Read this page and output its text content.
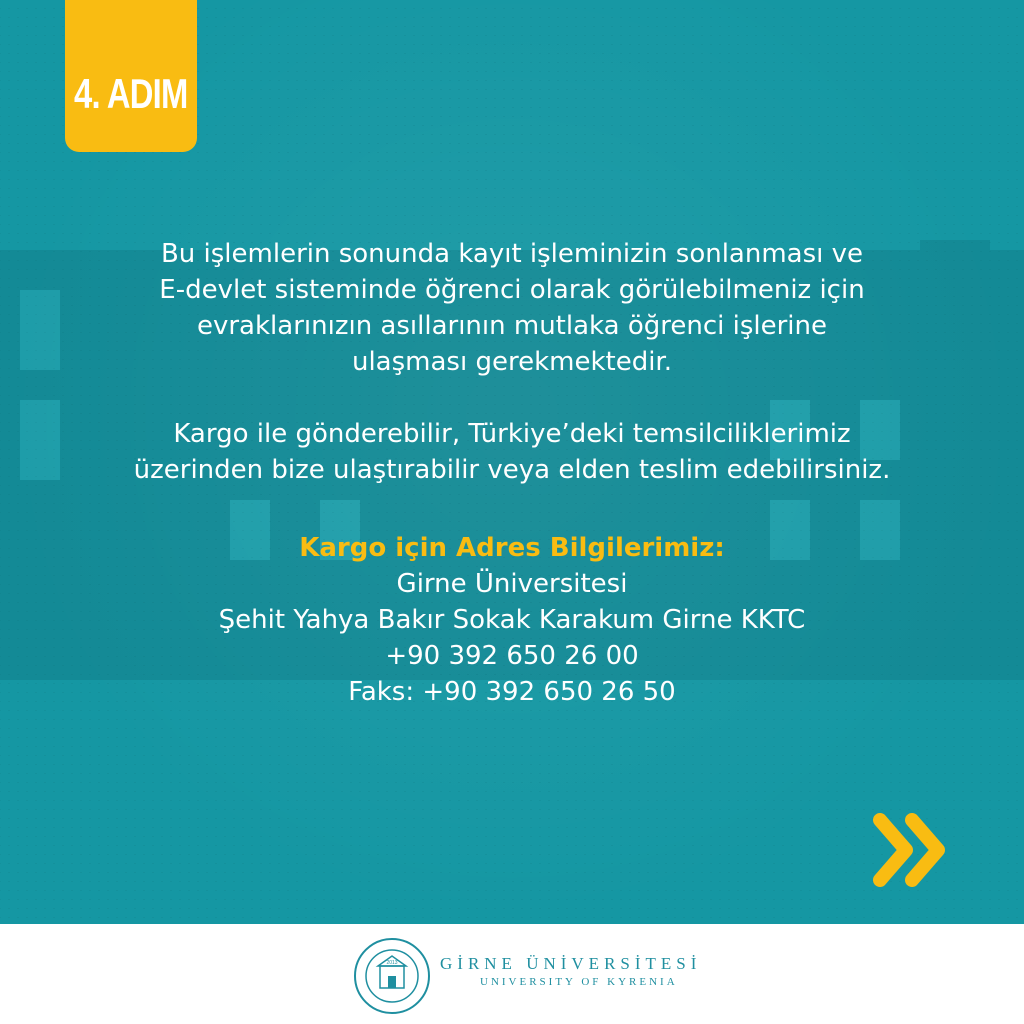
4. ADIM

Bu işlemlerin sonunda kayıt işleminizin sonlanması ve
E-devlet sisteminde öğrenci olarak görülebilmeniz için
evraklarınızın asıllarının mutlaka öğrenci işlerine
ulaşması gerekmektedir.

Kargo ile gönderebilir, Türkiye’deki temsilciliklerimiz
üzerinden bize ulaştırabilir veya elden teslim edebilirsiniz.

Kargo için Adres Bilgilerimiz:
Girne Üniversitesi
Şehit Yahya Bakır Sokak Karakum Girne KKTC
+90 392 650 26 00
Faks: +90 392 650 26 50

2013 GİRNE ÜNİVERSİTESİ
UNIVERSITY OF KYRENIA
